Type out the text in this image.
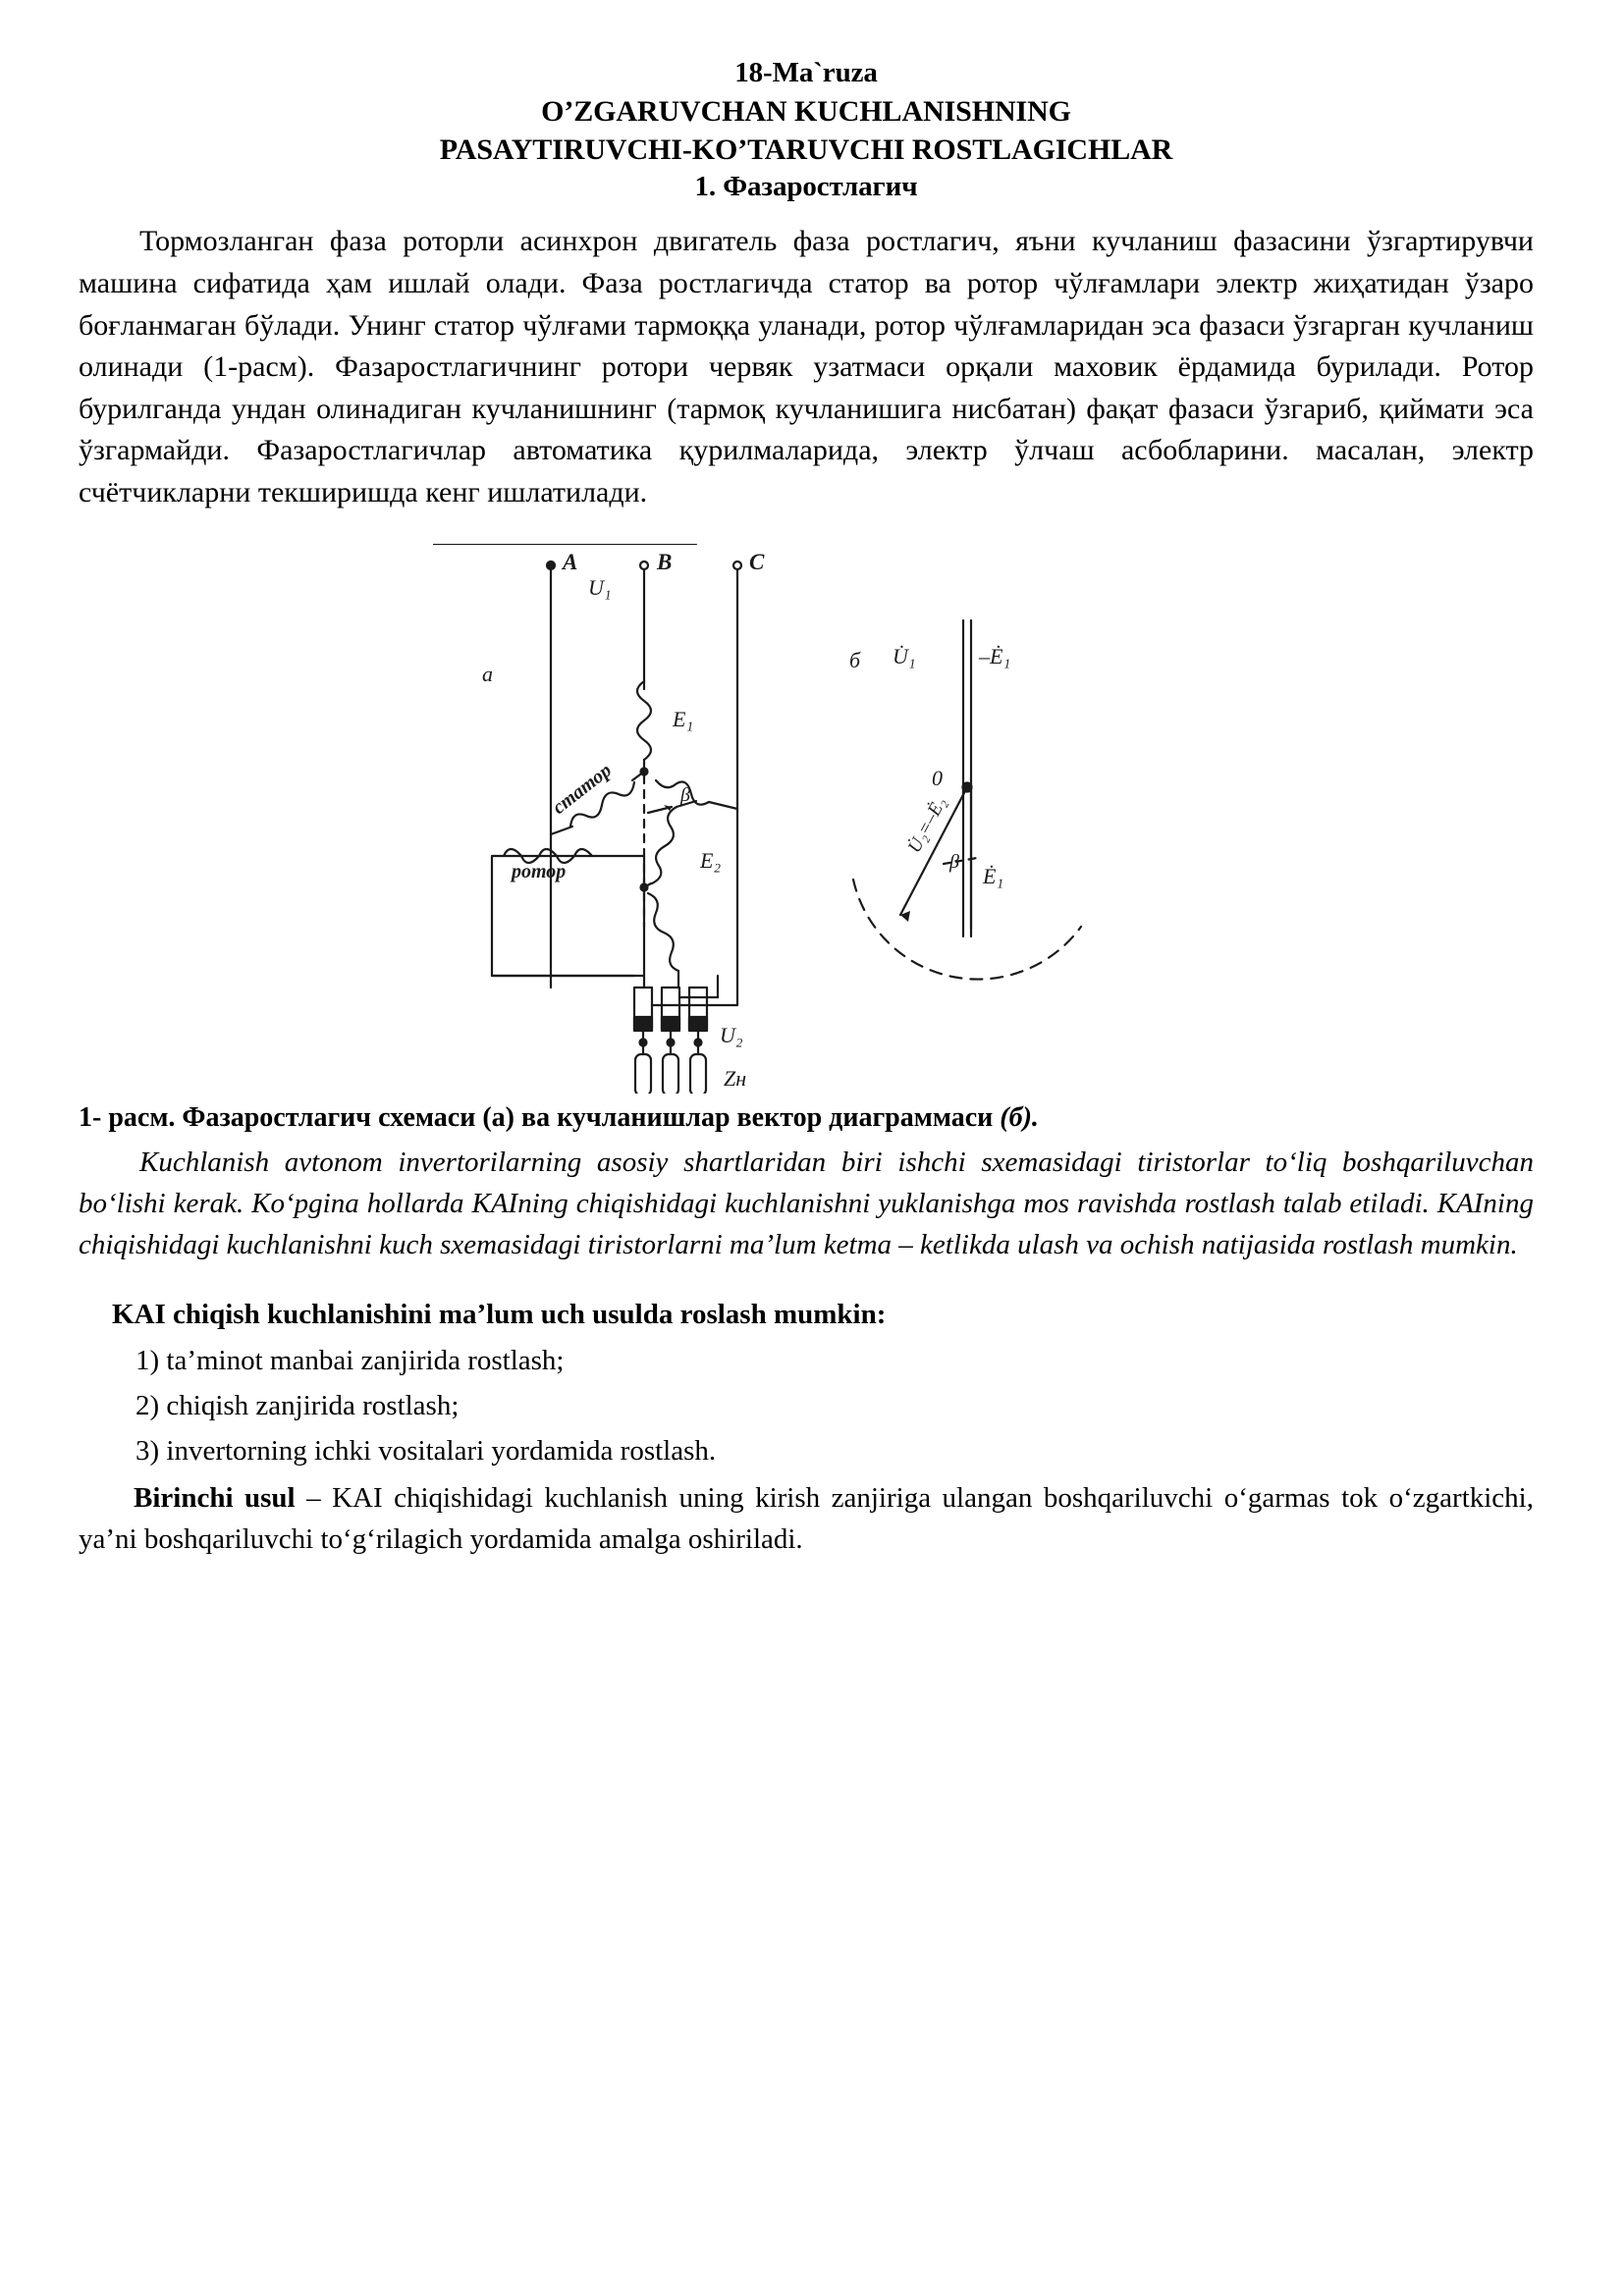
18-Ma`ruza
O’ZGARUVCHAN KUCHLANISHNING
PASAYTIRUVCHI-KO’TARUVCHI ROSTLAGICHLAR
1. Фазаростлагич

Тормозланган фаза роторли асинхрон двигатель фаза ростлагич, яъни кучланиш фазасини ўзгартирувчи машина сифатида ҳам ишлай олади. Фаза ростлагичда статор ва ротор чўлғамлари электр жиҳатидан ўзаро боғланмаган бўлади. Унинг статор чўлғами тармоққа уланади, ротор чўлғамларидан эса фазаси ўзгарган кучланиш олинади (1-расм). Фазаростлагичнинг ротори червяк узатмаси орқали маховик ёрдамида бурилади. Ротор бурилганда ундан олинадиган кучланишнинг (тармоқ кучланишига нисбатан) фақат фазаси ўзгариб, қиймати эса ўзгармайди. Фазаростлагичлар автоматика қурилмаларида, электр ўлчаш асбобларини. масалан, электр счётчикларни текширишда кенг ишлатилади.

A	B	C
U₁
E₁
E₂
U₂
Zн
статор
ротор
a
β
б U̇₁	–Ė₁
0
Ė₁
β
U̇₂=–Ė₂
1- расм. Фазаростлагич схемаси (a) ва кучланишлар вектор диаграммаси (б).

Kuchlanish avtonom invertorilarning asosiy shartlaridan biri ishchi sxemasidagi tiristorlar to‘liq boshqariluvchan bo‘lishi kerak. Ko‘pgina hollarda KAIning chiqishidagi kuchlanishni yuklanishga mos ravishda rostlash talab etiladi. KAIning chiqishidagi kuchlanishni kuch sxemasidagi tiristorlarni ma’lum ketma – ketlikda ulash va ochish natijasida rostlash mumkin.

KAI chiqish kuchlanishini ma’lum uch usulda roslash mumkin:
1) ta’minot manbai zanjirida rostlash;
2) chiqish zanjirida rostlash;
3) invertorning ichki vositalari yordamida rostlash.

Birinchi usul – KAI chiqishidagi kuchlanish uning kirish zanjiriga ulangan boshqariluvchi o‘garmas tok o‘zgartkichi, ya’ni boshqariluvchi to‘g‘rilagich yordamida amalga oshiriladi.
